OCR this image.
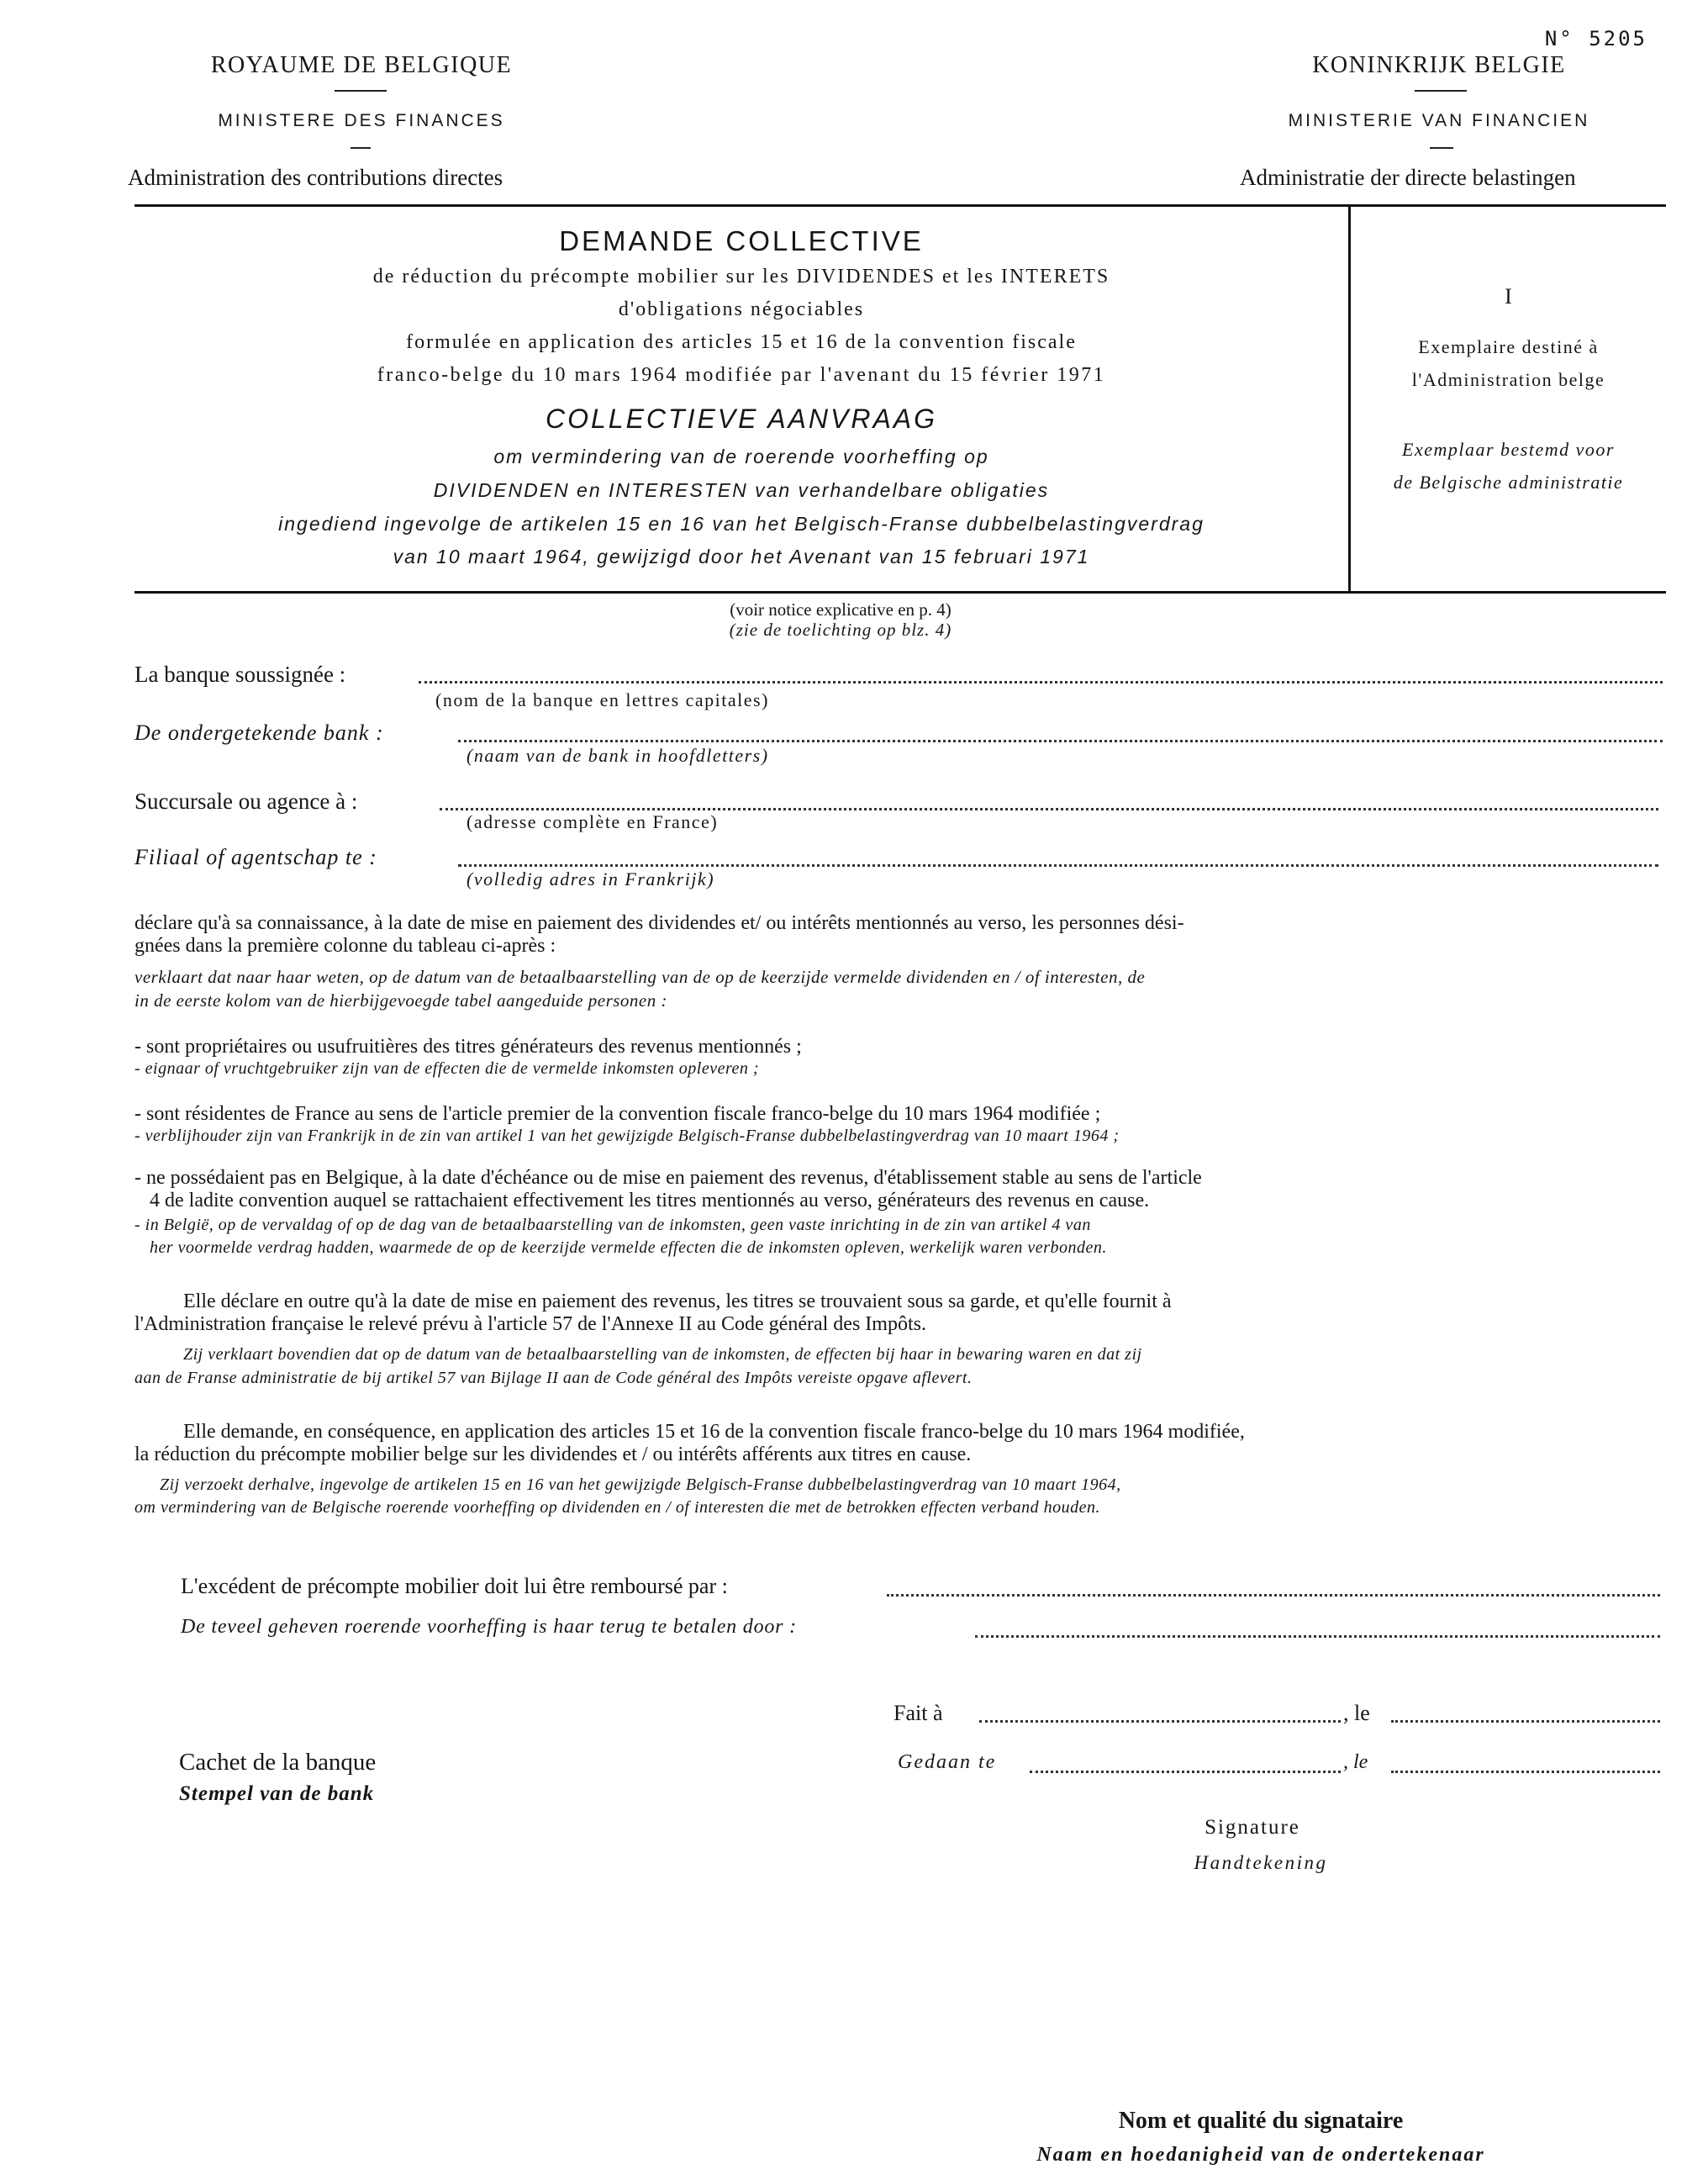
N° 5205
ROYAUME DE BELGIQUE
MINISTERE DES FINANCES
Administration des contributions directes
KONINKRIJK BELGIE
MINISTERIE VAN FINANCIEN
Administratie der directe belastingen
DEMANDE COLLECTIVE
de réduction du précompte mobilier sur les DIVIDENDES et les INTERETS
d'obligations négociables
formulée en application des articles 15 et 16 de la convention fiscale
franco-belge du 10 mars 1964 modifiée par l'avenant du 15 février 1971
COLLECTIEVE AANVRAAG
om vermindering van de roerende voorheffing op
DIVIDENDEN en INTERESTEN van verhandelbare obligaties
ingediend ingevolge de artikelen 15 en 16 van het Belgisch-Franse dubbelbelastingverdrag
van 10 maart 1964, gewijzigd door het Avenant van 15 februari 1971
I
Exemplaire destiné à
l'Administration belge
Exemplaar bestemd voor
de Belgische administratie
(voir notice explicative en p. 4)
(zie de toelichting op blz. 4)
La banque soussignée :
(nom de la banque en lettres capitales)
De ondergetekende bank :
(naam van de bank in hoofdletters)
Succursale ou agence à :
(adresse complète en France)
Filiaal of agentschap te :
(volledig adres in Frankrijk)
déclare qu'à sa connaissance, à la date de mise en paiement des dividendes et/ ou intérêts mentionnés au verso, les personnes dési-
gnées dans la première colonne du tableau ci-après :
verklaart dat naar haar weten, op de datum van de betaalbaarstelling van de op de keerzijde vermelde dividenden en / of interesten, de
in de eerste kolom van de hierbijgevoegde tabel aangeduide personen :
- sont propriétaires ou usufruitières des titres générateurs des revenus mentionnés ;
- eignaar of vruchtgebruiker zijn van de effecten die de vermelde inkomsten opleveren ;
- sont résidentes de France au sens de l'article premier de la convention fiscale franco-belge du 10 mars 1964 modifiée ;
- verblijhouder zijn van Frankrijk in de zin van artikel 1 van het gewijzigde Belgisch-Franse dubbelbelastingverdrag van 10 maart 1964 ;
- ne possédaient pas en Belgique, à la date d'échéance ou de mise en paiement des revenus, d'établissement stable au sens de l'article
4 de ladite convention auquel se rattachaient effectivement les titres mentionnés au verso, générateurs des revenus en cause.
- in België, op de vervaldag of op de dag van de betaalbaarstelling van de inkomsten, geen vaste inrichting in de zin van artikel 4 van
her voormelde verdrag hadden, waarmede de op de keerzijde vermelde effecten die de inkomsten opleven, werkelijk waren verbonden.
Elle déclare en outre qu'à la date de mise en paiement des revenus, les titres se trouvaient sous sa garde, et qu'elle fournit à
l'Administration française le relevé prévu à l'article 57 de l'Annexe II au Code général des Impôts.
Zij verklaart bovendien dat op de datum van de betaalbaarstelling van de inkomsten, de effecten bij haar in bewaring waren en dat zij
aan de Franse administratie de bij artikel 57 van Bijlage II aan de Code général des Impôts vereiste opgave aflevert.
Elle demande, en conséquence, en application des articles 15 et 16 de la convention fiscale franco-belge du 10 mars 1964 modifiée,
la réduction du précompte mobilier belge sur les dividendes et / ou intérêts afférents aux titres en cause.
Zij verzoekt derhalve, ingevolge de artikelen 15 en 16 van het gewijzigde Belgisch-Franse dubbelbelastingverdrag van 10 maart 1964,
om vermindering van de Belgische roerende voorheffing op dividenden en / of interesten die met de betrokken effecten verband houden.
L'excédent de précompte mobilier doit lui être remboursé par :
De teveel geheven roerende voorheffing is haar terug te betalen door :
Fait à	, le
Gedaan te	, le
Cachet de la banque
Stempel van de bank
Signature
Handtekening
Nom et qualité du signataire
Naam en hoedanigheid van de ondertekenaar
